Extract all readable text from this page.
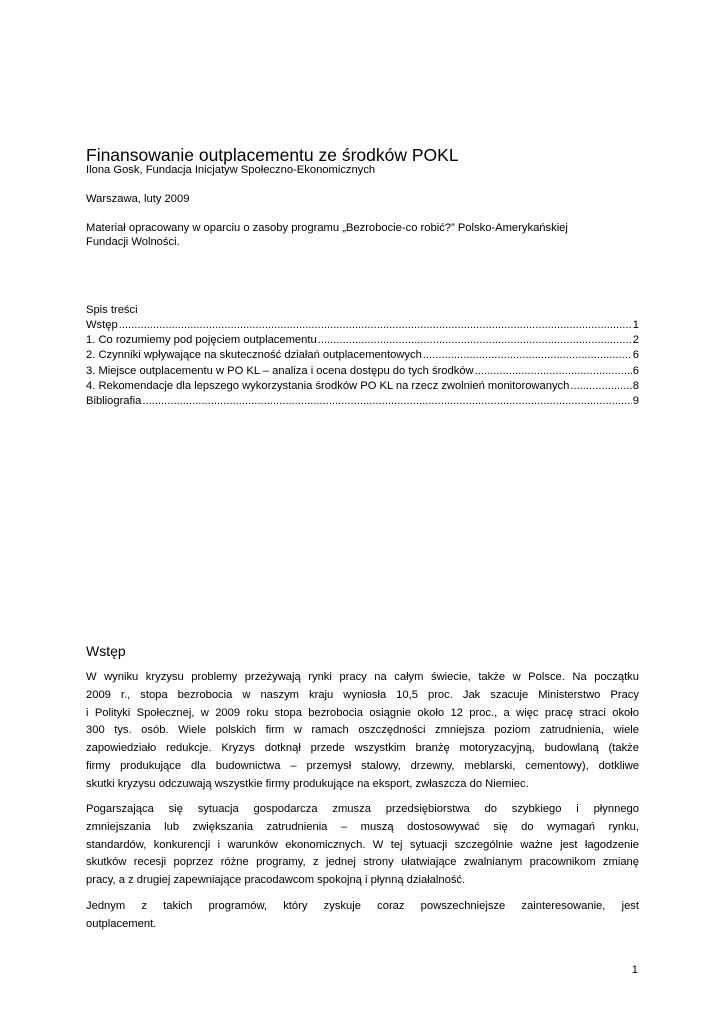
Finansowanie outplacementu ze środków POKL
Ilona Gosk, Fundacja Inicjatyw Społeczno-Ekonomicznych
Warszawa, luty 2009
Materiał opracowany w oparciu o zasoby programu „Bezrobocie-co robić?” Polsko-Amerykańskiej
Fundacji Wolności.
Spis treści
Wstęp .....	1
1. Co rozumiemy pod pojęciem outplacementu .....	2
2. Czynniki wpływające na skuteczność działań outplacementowych .....	6
3. Miejsce outplacementu w PO KL – analiza i ocena dostępu do tych środków .....	6
4. Rekomendacje dla lepszego wykorzystania środków PO KL na rzecz zwolnień monitorowanych .....	8
Bibliografia .....	9
Wstęp
W wyniku kryzysu problemy przeżywają rynki pracy na całym świecie, także w Polsce. Na początku
2009 r., stopa bezrobocia w naszym kraju wyniosła 10,5 proc. Jak szacuje Ministerstwo Pracy
i Polityki Społecznej, w 2009 roku stopa bezrobocia osiągnie około 12 proc., a więc pracę straci około
300 tys. osób. Wiele polskich firm w ramach oszczędności zmniejsza poziom zatrudnienia, wiele
zapowiedziało redukcje. Kryzys dotknął przede wszystkim branżę motoryzacyjną, budowlaną (także
firmy produkujące dla budownictwa – przemysł stalowy, drzewny, meblarski, cementowy), dotkliwe
skutki kryzysu odczuwają wszystkie firmy produkujące na eksport, zwłaszcza do Niemiec.
Pogarszająca się sytuacja gospodarcza zmusza przedsiębiorstwa do szybkiego i płynnego
zmniejszania lub zwiększania zatrudnienia – muszą dostosowywać się do wymagań rynku,
standardów, konkurencji i warunków ekonomicznych. W tej sytuacji szczególnie ważne jest łagodzenie
skutków recesji poprzez różne programy, z jednej strony ułatwiające zwalnianym pracownikom zmianę
pracy, a z drugiej zapewniające pracodawcom spokojną i płynną działalność.
Jednym z takich programów, który zyskuje coraz powszechniejsze zainteresowanie, jest
outplacement.
1
